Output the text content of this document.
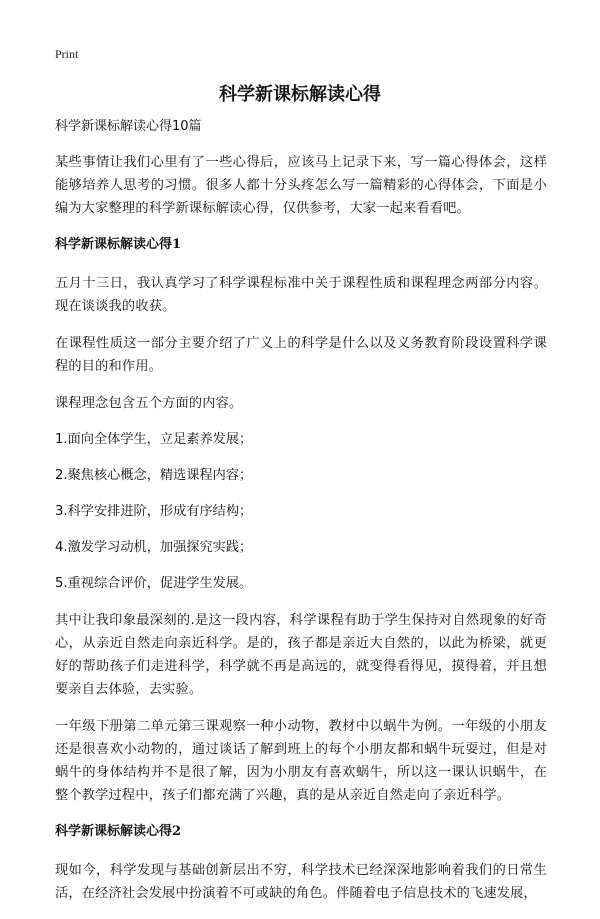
Print
科学新课标解读心得

科学新课标解读心得10篇

某些事情让我们心里有了一些心得后，应该马上记录下来，写一篇心得体会，这样能够培养人思考的习惯。很多人都十分头疼怎么写一篇精彩的心得体会，下面是小编为大家整理的科学新课标解读心得，仅供参考，大家一起来看看吧。

科学新课标解读心得1

五月十三日，我认真学习了科学课程标准中关于课程性质和课程理念两部分内容。现在谈谈我的收获。

在课程性质这一部分主要介绍了广义上的科学是什么以及义务教育阶段设置科学课程的目的和作用。

课程理念包含五个方面的内容。

1.面向全体学生，立足素养发展；

2.聚焦核心概念，精选课程内容；

3.科学安排进阶，形成有序结构；

4.激发学习动机，加强探究实践；

5.重视综合评价，促进学生发展。

其中让我印象最深刻的.是这一段内容，科学课程有助于学生保持对自然现象的好奇心，从亲近自然走向亲近科学。是的，孩子都是亲近大自然的，以此为桥梁，就更好的帮助孩子们走进科学，科学就不再是高远的，就变得看得见，摸得着，并且想要亲自去体验，去实验。

一年级下册第二单元第三课观察一种小动物，教材中以蜗牛为例。一年级的小朋友还是很喜欢小动物的，通过谈话了解到班上的每个小朋友都和蜗牛玩耍过，但是对蜗牛的身体结构并不是很了解，因为小朋友有喜欢蜗牛，所以这一课认识蜗牛，在整个教学过程中，孩子们都充满了兴趣，真的是从亲近自然走向了亲近科学。

科学新课标解读心得2

现如今，科学发现与基础创新层出不穷，科学技术已经深深地影响着我们的日常生活，在经济社会发展中扮演着不可或缺的角色。伴随着电子信息技术的飞速发展，
